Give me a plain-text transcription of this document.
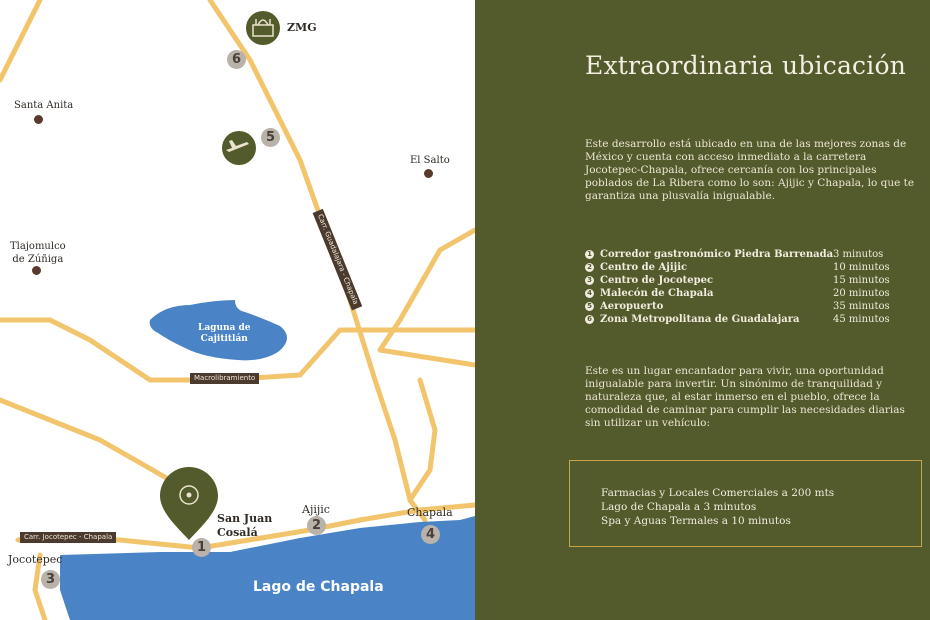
ZMG
Santa Anita
El Salto
Tlajomulco
de Zúñiga
Laguna de
Cajititlán
San Juan
Cosalá
Ajijic	Chapala
Jocotepec
Lago de Chapala
Carr. Guadalajara - Chapala
Macrolibramiento
Carr. Jocotepec - Chapala
1
2
3
4
5
6	Extraordinaria ubicación
Este desarrollo está ubicado en una de las mejores zonas de México y cuenta con acceso inmediato a la carretera Jocotepec-Chapala, ofrece cercanía con los principales poblados de La Ribera como lo son: Ajijic y Chapala, lo que te garantiza una plusvalía inigualable.
1 Corredor gastronómico Piedra Barrenada 3 minutos
2 Centro de Ajijic	10 minutos
3 Centro de Jocotepec	15 minutos
4 Malecón de Chapala	20 minutos
5 Aeropuerto	35 minutos
6 Zona Metropolitana de Guadalajara	45 minutos
Este es un lugar encantador para vivir, una oportunidad inigualable para invertir. Un sinónimo de tranquilidad y naturaleza que, al estar inmerso en el pueblo, ofrece la comodidad de caminar para cumplir las necesidades diarias sin utilizar un vehículo:
Farmacias y Locales Comerciales a 200 mts
Lago de Chapala a 3 minutos
Spa y Aguas Termales a 10 minutos
